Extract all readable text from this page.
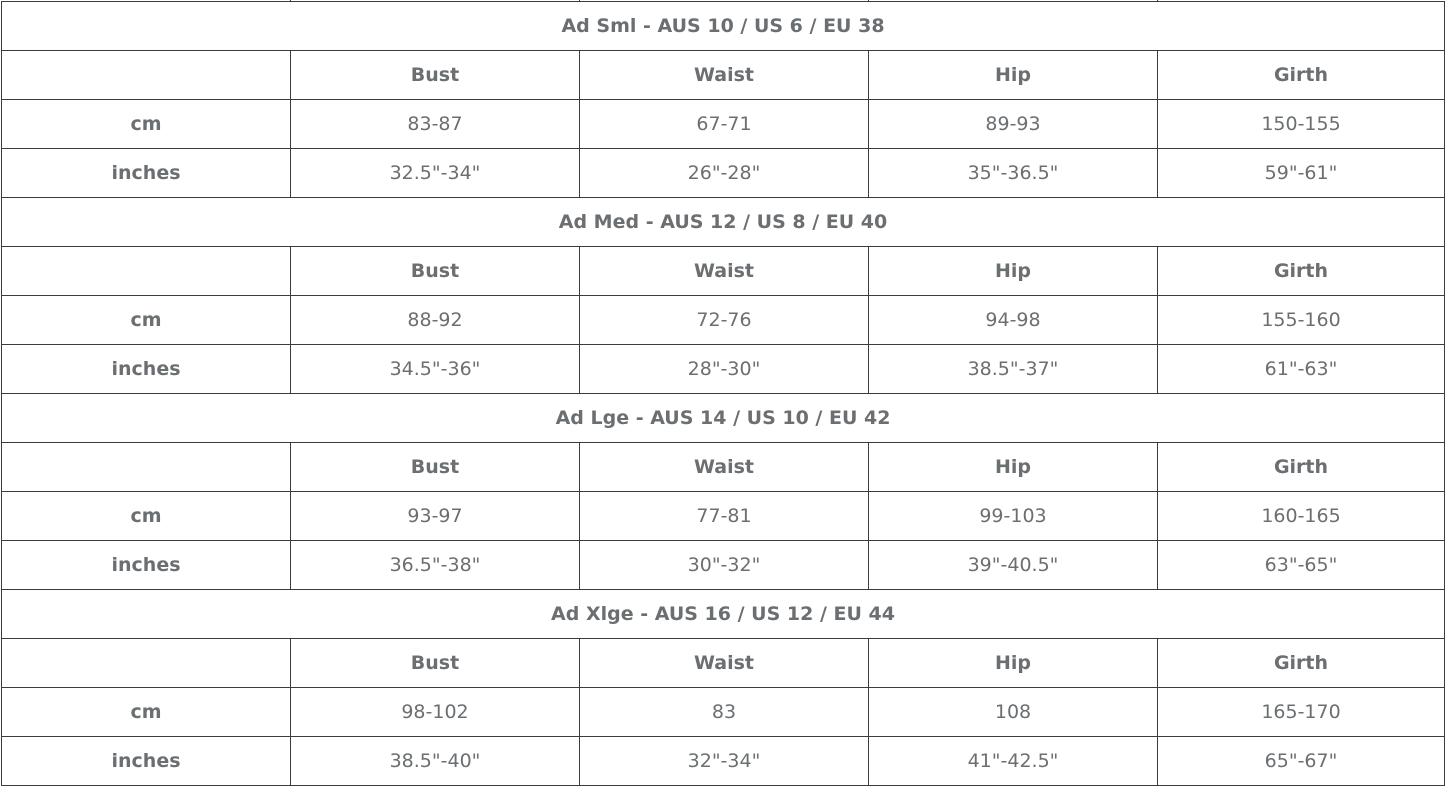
Ad Sml - AUS 10 / US 6 / EU 38				
	Bust	Waist	Hip	Girth
cm	83-87	67-71	89-93	150-155
inches	32.5"-34"	26"-28"	35"-36.5"	59"-61"
Ad Med - AUS 12 / US 8 / EU 40				
	Bust	Waist	Hip	Girth
cm	88-92	72-76	94-98	155-160
inches	34.5"-36"	28"-30"	38.5"-37"	61"-63"
Ad Lge - AUS 14 / US 10 / EU 42				
	Bust	Waist	Hip	Girth
cm	93-97	77-81	99-103	160-165
inches	36.5"-38"	30"-32"	39"-40.5"	63"-65"
Ad Xlge - AUS 16 / US 12 / EU 44				
	Bust	Waist	Hip	Girth
cm	98-102	83	108	165-170
inches	38.5"-40"	32"-34"	41"-42.5"	65"-67"
